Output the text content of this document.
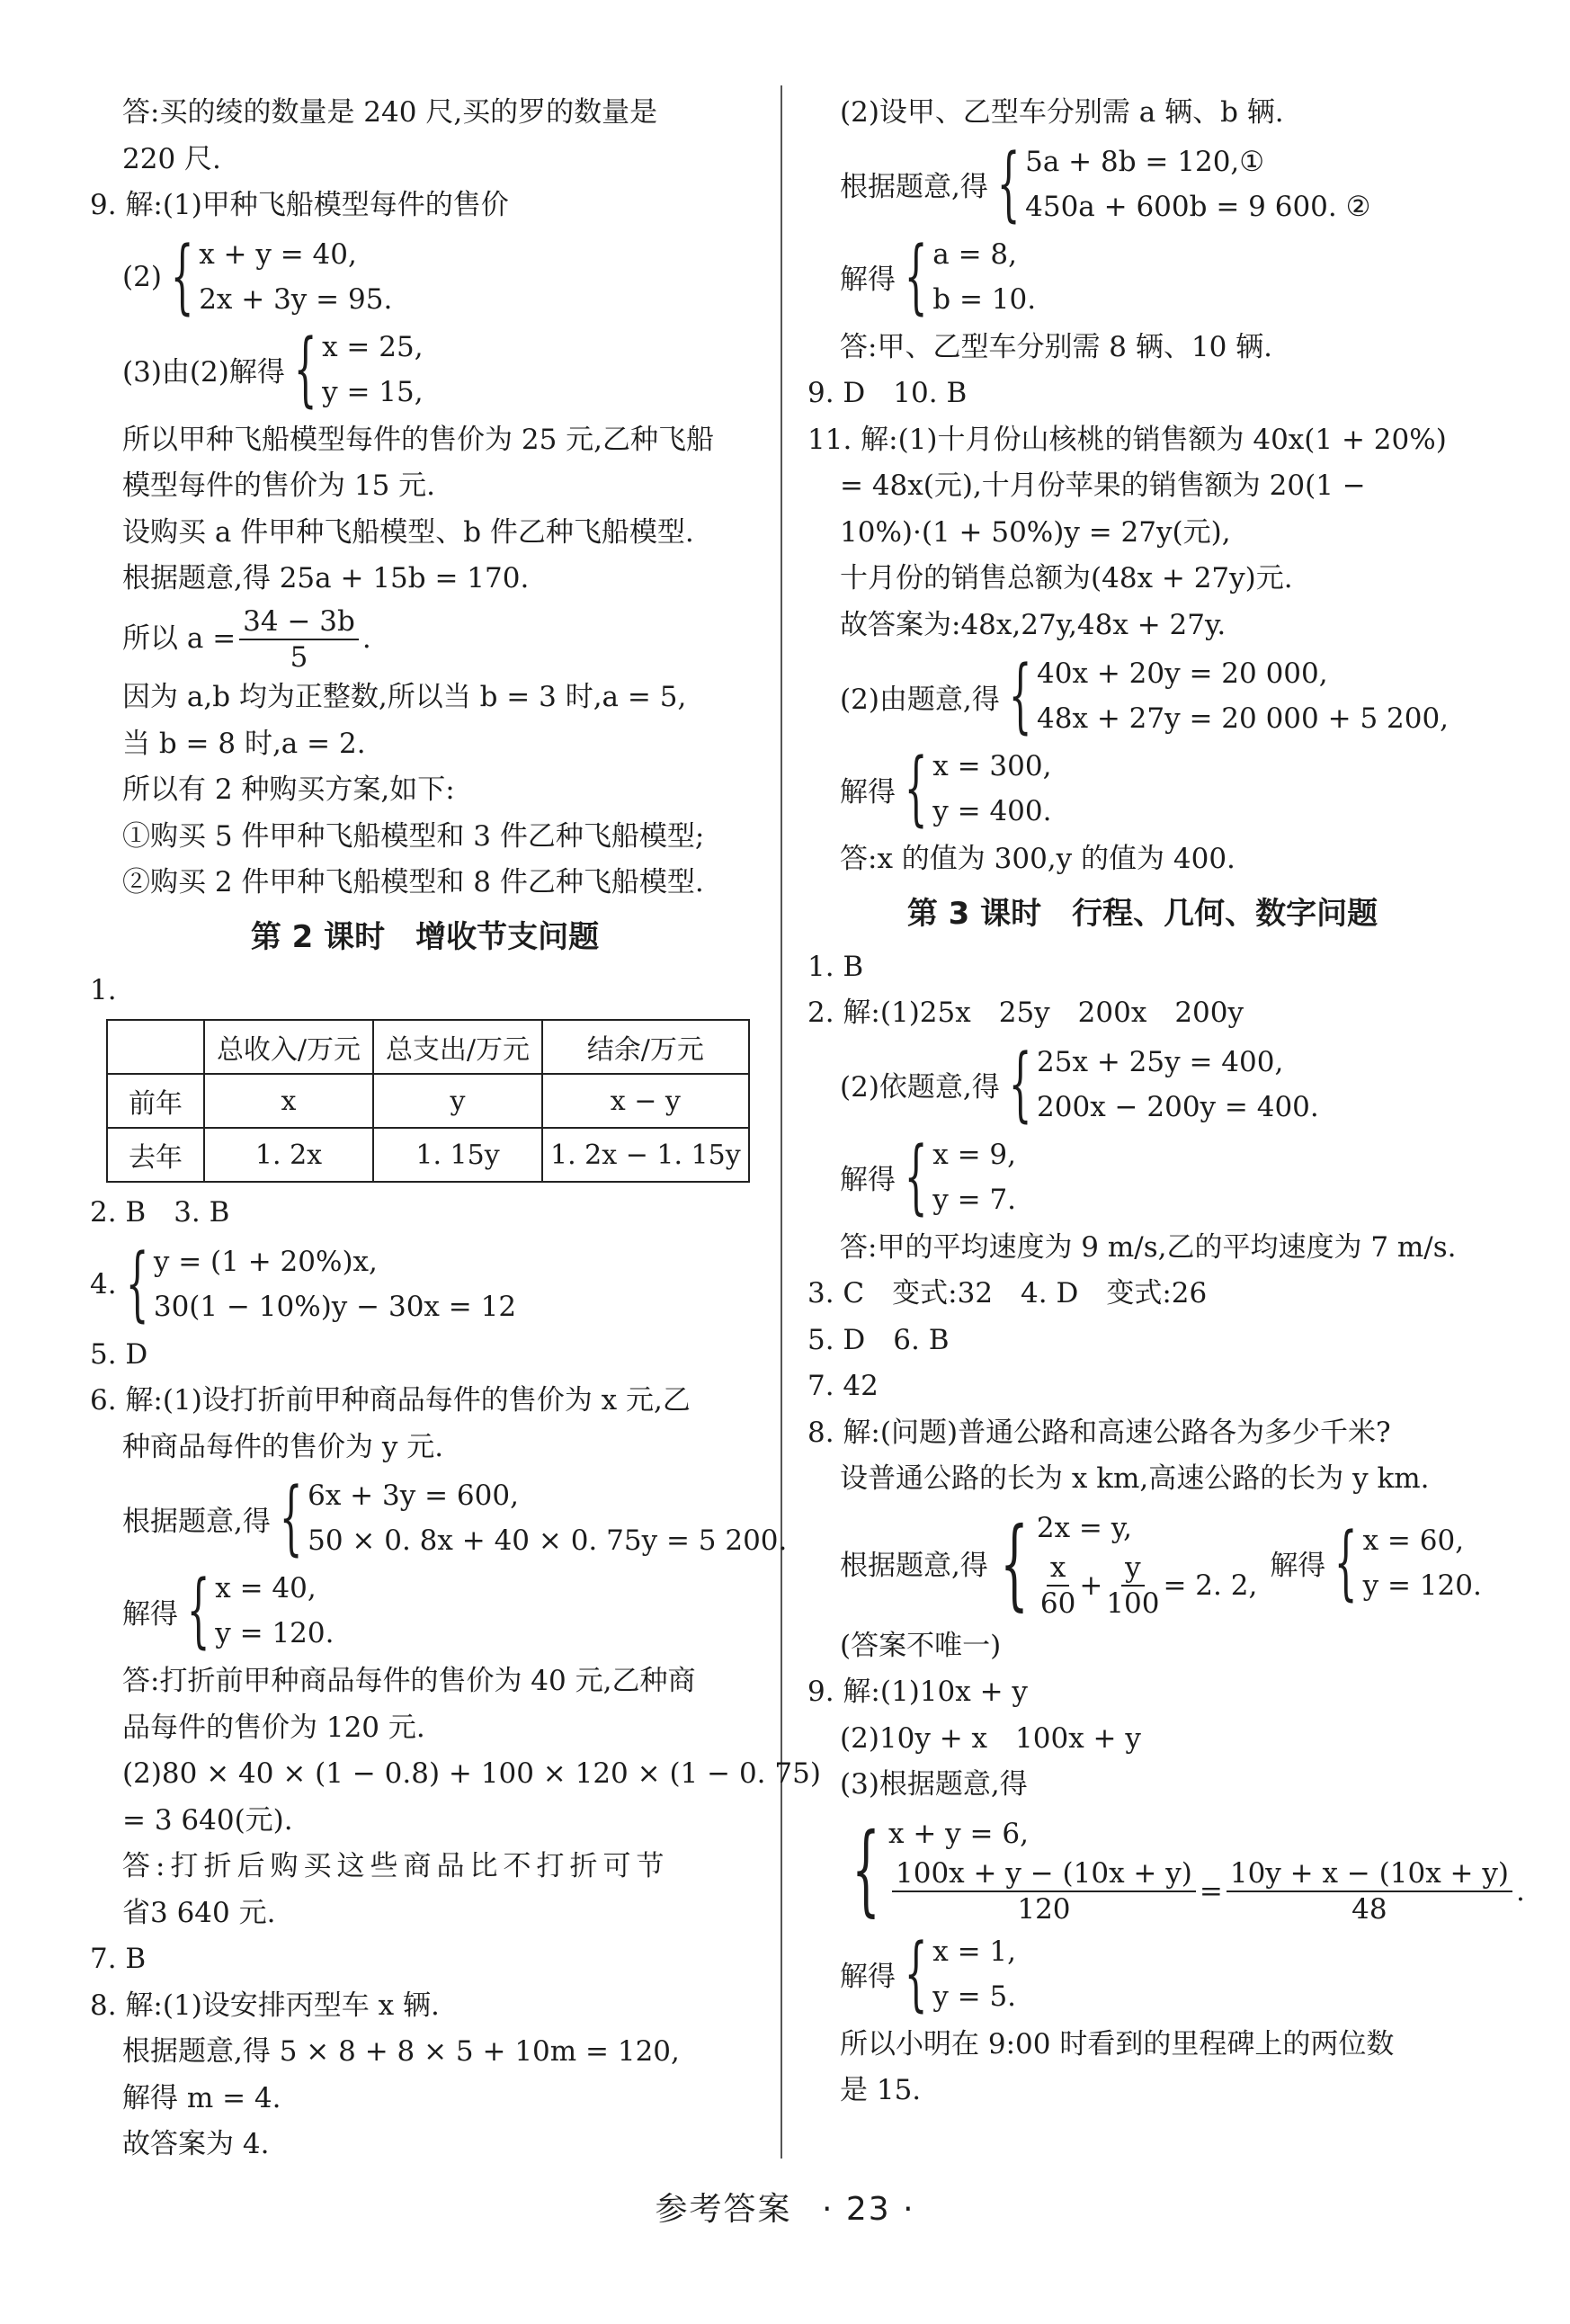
答:买的绫的数量是 240 尺,买的罗的数量是
220 尺.
9. 解:(1)甲种飞船模型每件的售价
(2) { x + y = 40,
2x + 3y = 95.
(3)由(2)解得 { x = 25,
y = 15,
所以甲种飞船模型每件的售价为 25 元,乙种飞船
模型每件的售价为 15 元.
设购买 a 件甲种飞船模型、b 件乙种飞船模型.
根据题意,得 25a + 15b = 170.
所以 $a = \frac{34 - 3b}{5}$ .
因为 a,b 均为正整数,所以当 b = 3 时,a = 5,
当 b = 8 时,a = 2.
所以有 2 种购买方案,如下:
①购买 5 件甲种飞船模型和 3 件乙种飞船模型;
②购买 2 件甲种飞船模型和 8 件乙种飞船模型.
第 2 课时　增收节支问题
1.
	总收入/万元	总支出/万元	结余/万元
前年	x	y	x − y
去年	1. 2x	1. 15y	1. 2x − 1. 15y
2. B　3. B
4. { y = (1 + 20%)x,
30(1 − 10%)y − 30x = 12
5. D
6. 解:(1)设打折前甲种商品每件的售价为 x 元,乙
种商品每件的售价为 y 元.
根据题意,得 { 6x + 3y = 600,
50 × 0. 8x + 40 × 0. 75y = 5 200.
解得 { x = 40,
y = 120.
答:打折前甲种商品每件的售价为 40 元,乙种商
品每件的售价为 120 元.
(2)80 × 40 × (1 − 0.8) + 100 × 120 × (1 − 0. 75)
= 3 640(元).
答:打折后购买这些商品比不打折可节
省3 640 元.
7. B
8. 解:(1)设安排丙型车 x 辆.
根据题意,得 5 × 8 + 8 × 5 + 10m = 120,
解得 m = 4.
故答案为 4.
(2)设甲、乙型车分别需 a 辆、b 辆.
根据题意,得 { 5a + 8b = 120,①
450a + 600b = 9 600. ②
解得 { a = 8,
b = 10.
答:甲、乙型车分别需 8 辆、10 辆.
9. D　10. B
11. 解:(1)十月份山核桃的销售额为 40x(1 + 20%)
= 48x(元),十月份苹果的销售额为 20(1 −
10%)·(1 + 50%)y = 27y(元),
十月份的销售总额为(48x + 27y)元.
故答案为:48x,27y,48x + 27y.
(2)由题意,得 { 40x + 20y = 20 000,
48x + 27y = 20 000 + 5 200,
解得 { x = 300,
y = 400.
答:x 的值为 300,y 的值为 400.
第 3 课时　行程、几何、数字问题
1. B
2. 解:(1)25x　25y　200x　200y
(2)依题意,得 { 25x + 25y = 400,
200x − 200y = 400.
解得 { x = 9,
y = 7.
答:甲的平均速度为 9 m/s,乙的平均速度为 7 m/s.
3. C　变式:32　4. D　变式:26
5. D　6. B
7. 42
8. 解:(问题)普通公路和高速公路各为多少千米?
设普通公路的长为 x km,高速公路的长为 y km.
根据题意,得 { 2x = y,
$\frac{x}{60} + \frac{y}{100} = 2$. 2,
解得 { x = 60,
y = 120.
(答案不唯一)
9. 解:(1)10x + y
(2)10y + x　100x + y
(3)根据题意,得
{ x + y = 6,
$\frac{100x + y - (10x + y)}{120} = \frac{10y + x - (10x + y)}{48}$ .
解得 { x = 1,
y = 5.
所以小明在 9:00 时看到的里程碑上的两位数
是 15.
参考答案 · 23 ·
